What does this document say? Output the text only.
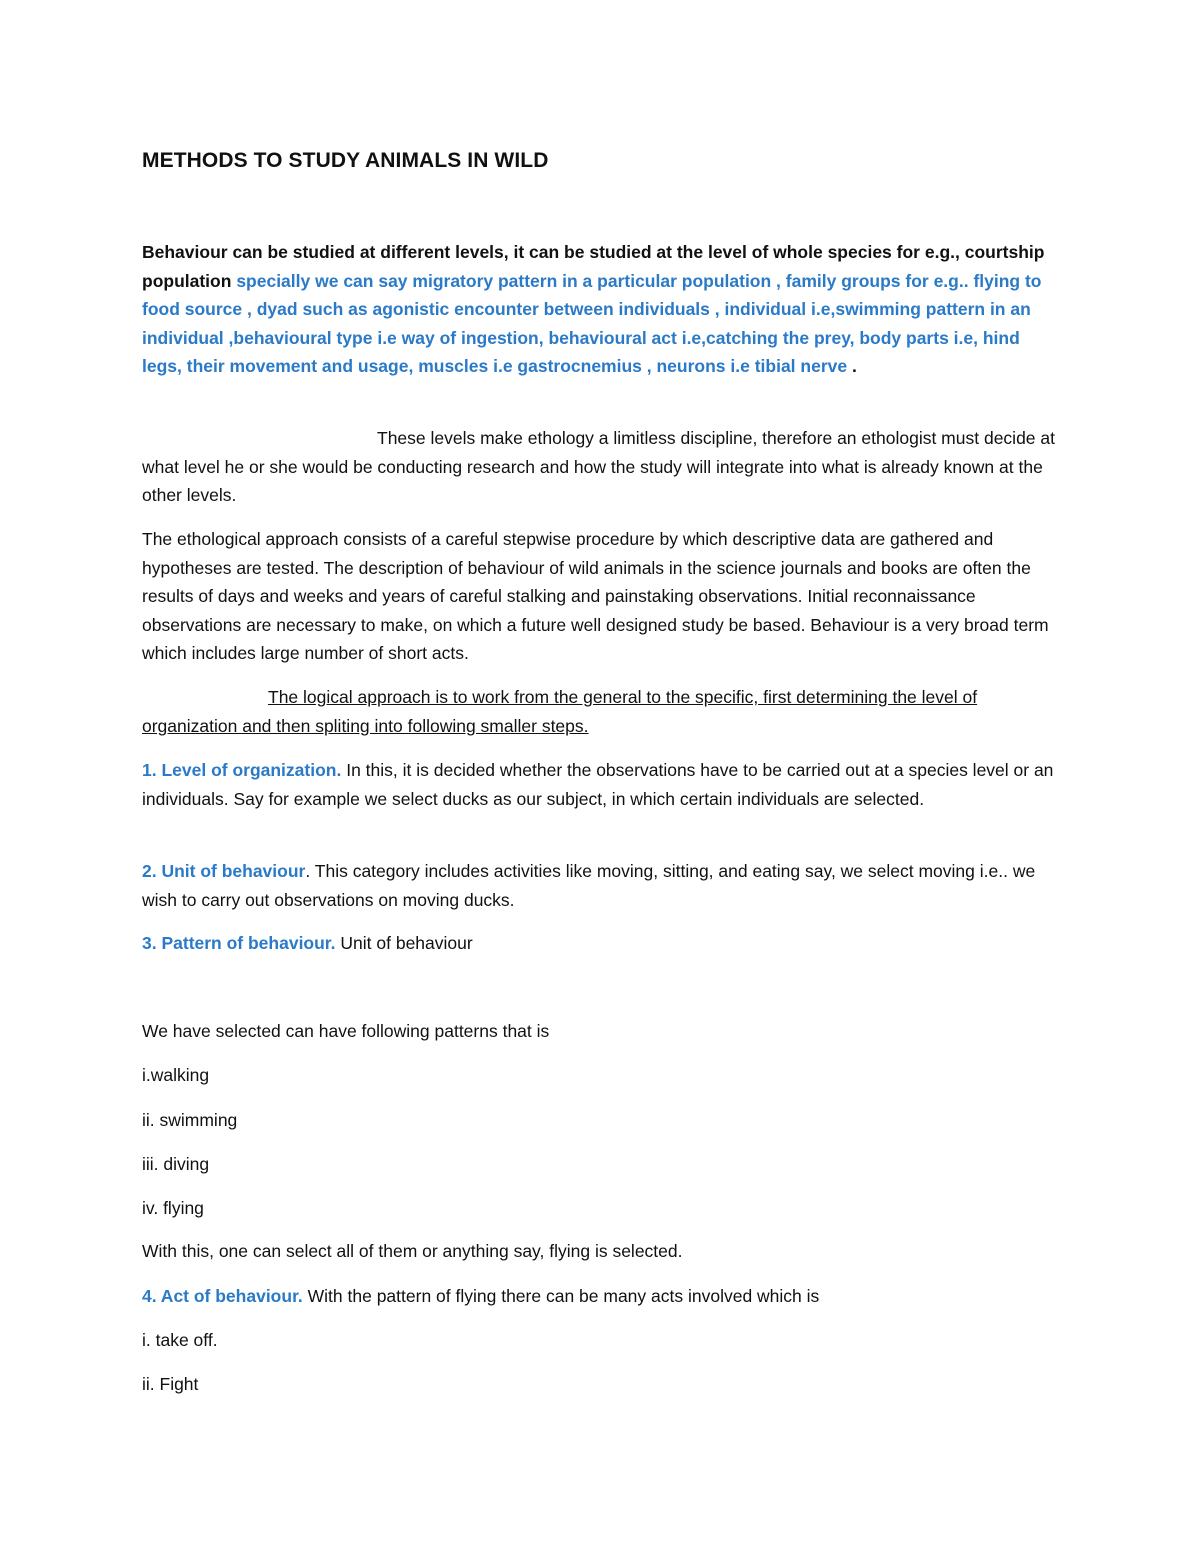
METHODS TO STUDY ANIMALS IN WILD
Behaviour can be studied at different levels, it can be studied at the level of whole species for e.g., courtship population specially we can say migratory pattern in a particular population , family groups for e.g.. flying to food source , dyad such as agonistic encounter between individuals , individual i.e,swimming pattern in an individual ,behavioural type i.e way of ingestion, behavioural act i.e,catching the prey, body parts i.e, hind legs, their movement and usage, muscles i.e gastrocnemius , neurons i.e tibial nerve .
These levels make ethology a limitless discipline, therefore an ethologist must decide at what level he or she would be conducting research and how the study will integrate into what is already known at the other levels.
The ethological approach consists of a careful stepwise procedure by which descriptive data are gathered and hypotheses are tested. The description of behaviour of wild animals in the science journals and books are often the results of days and weeks and years of careful stalking and painstaking observations. Initial reconnaissance observations are necessary to make, on which a future well designed study be based. Behaviour is a very broad term which includes large number of short acts.
The logical approach is to work from the general to the specific, first determining the level of organization and then spliting into following smaller steps.
1. Level of organization. In this, it is decided whether the observations have to be carried out at a species level or an individuals. Say for example we select ducks as our subject, in which certain individuals are selected.
2. Unit of behaviour. This category includes activities like moving, sitting, and eating say, we select moving i.e.. we wish to carry out observations on moving ducks.
3. Pattern of behaviour. Unit of behaviour
We have selected can have following patterns that is
i.walking
ii. swimming
iii. diving
iv. flying
With this, one can select all of them or anything say, flying is selected.
4. Act of behaviour. With the pattern of flying there can be many acts involved which is
i. take off.
ii. Fight
